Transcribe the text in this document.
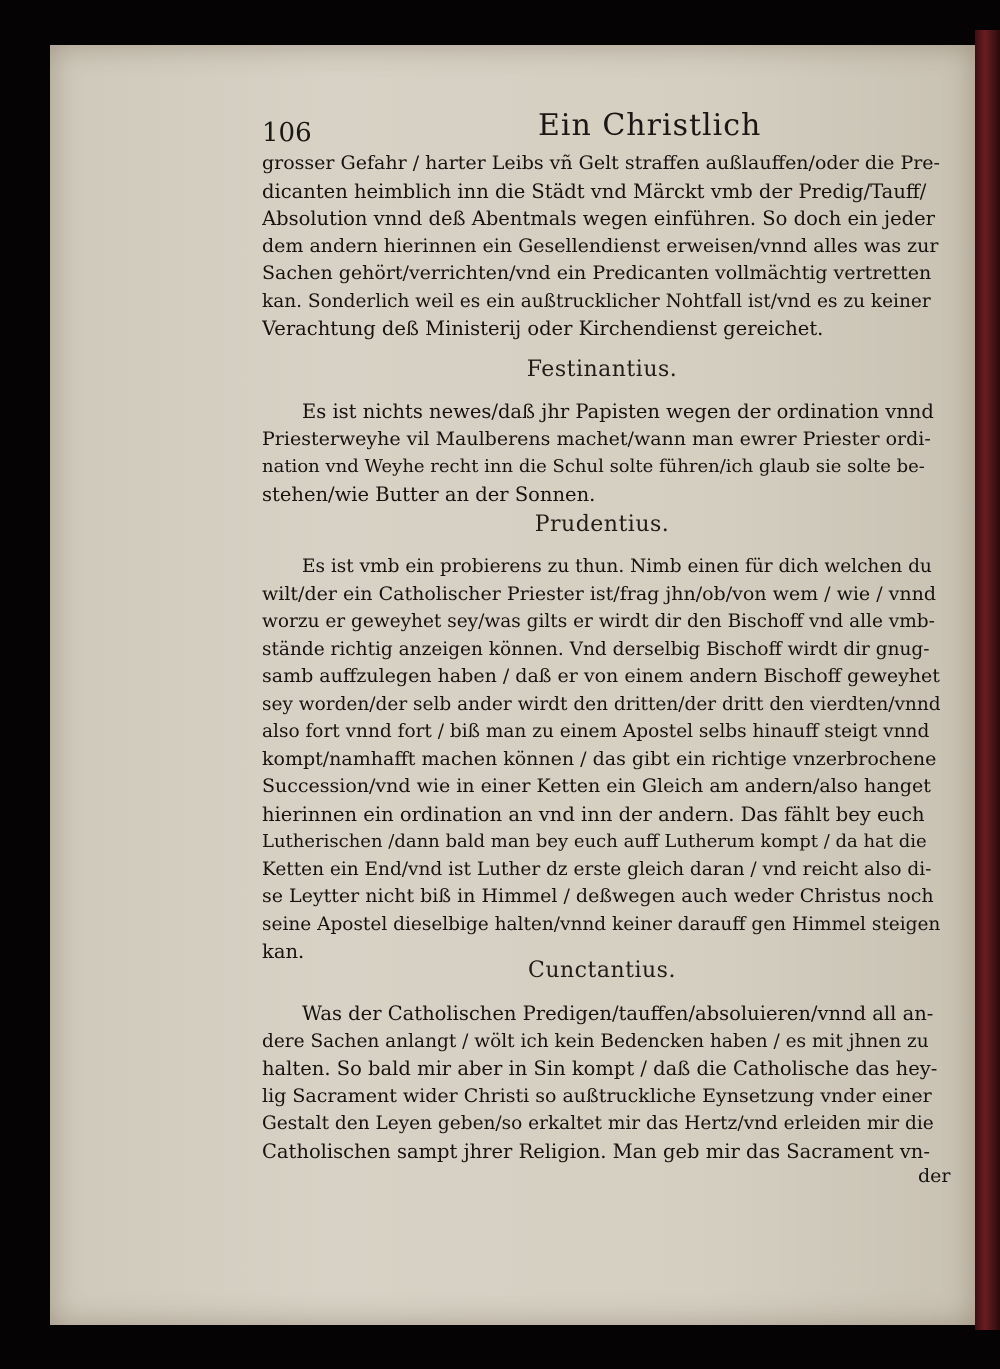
106	Ein Christlich
grosser Gefahr / harter Leibs vñ Gelt straffen außlauffen/oder die Pre-
dicanten heimblich inn die Städt vnd Märckt vmb der Predig/Tauff/
Absolution vnnd deß Abentmals wegen einführen. So doch ein jeder
dem andern hierinnen ein Gesellendienst erweisen/vnnd alles was zur
Sachen gehört/verrichten/vnd ein Predicanten vollmächtig vertretten
kan. Sonderlich weil es ein außtrucklicher Nohtfall ist/vnd es zu keiner
Verachtung deß Ministerij oder Kirchendienst gereichet.
Festinantius.
Es ist nichts newes/daß jhr Papisten wegen der ordination vnnd
Priesterweyhe vil Maulberens machet/wann man ewrer Priester ordi-
nation vnd Weyhe recht inn die Schul solte führen/ich glaub sie solte be-
stehen/wie Butter an der Sonnen.
Prudentius.
Es ist vmb ein probierens zu thun. Nimb einen für dich welchen du
wilt/der ein Catholischer Priester ist/frag jhn/ob/von wem / wie / vnnd
worzu er geweyhet sey/was gilts er wirdt dir den Bischoff vnd alle vmb-
stände richtig anzeigen können. Vnd derselbig Bischoff wirdt dir gnug-
samb auffzulegen haben / daß er von einem andern Bischoff geweyhet
sey worden/der selb ander wirdt den dritten/der dritt den vierdten/vnnd
also fort vnnd fort / biß man zu einem Apostel selbs hinauff steigt vnnd
kompt/namhafft machen können / das gibt ein richtige vnzerbrochene
Succession/vnd wie in einer Ketten ein Gleich am andern/also hanget
hierinnen ein ordination an vnd inn der andern. Das fählt bey euch
Lutherischen /dann bald man bey euch auff Lutherum kompt / da hat die
Ketten ein End/vnd ist Luther dz erste gleich daran / vnd reicht also di-
se Leytter nicht biß in Himmel / deßwegen auch weder Christus noch
seine Apostel dieselbige halten/vnnd keiner darauff gen Himmel steigen
kan.
Cunctantius.
Was der Catholischen Predigen/tauffen/absoluieren/vnnd all an-
dere Sachen anlangt / wölt ich kein Bedencken haben / es mit jhnen zu
halten. So bald mir aber in Sin kompt / daß die Catholische das hey-
lig Sacrament wider Christi so außtruckliche Eynsetzung vnder einer
Gestalt den Leyen geben/so erkaltet mir das Hertz/vnd erleiden mir die
Catholischen sampt jhrer Religion. Man geb mir das Sacrament vn-
der
